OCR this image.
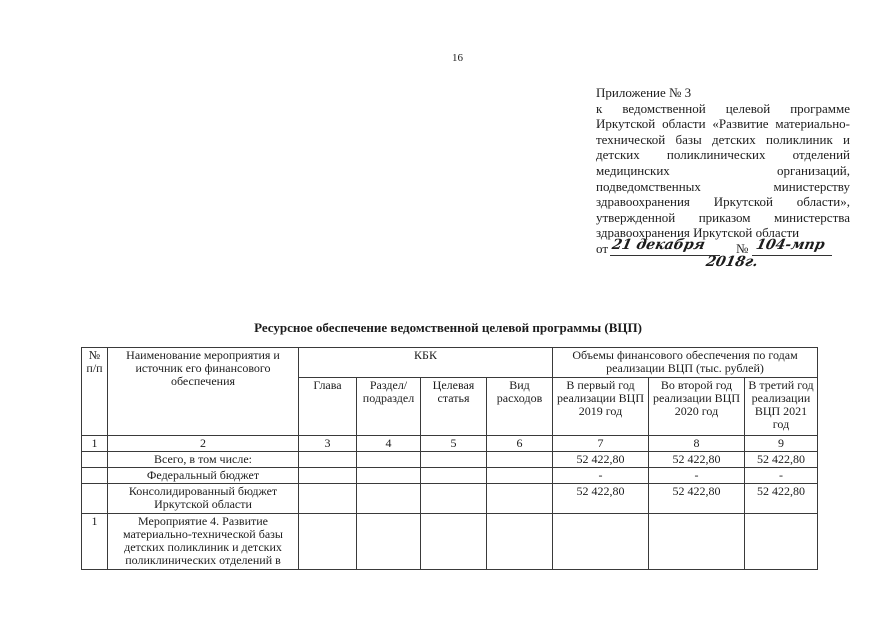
16
Приложение № 3
к ведомственной целевой программе Иркутской области «Развитие материально-технической базы детских поликлиник и детских поликлинических отделений медицинских организаций, подведомственных министерству здравоохранения Иркутской области», утвержденной приказом министерства здравоохранения Иркутской области
от 21 декабря № 104-мпр
2018г.
Ресурсное обеспечение ведомственной целевой программы (ВЦП)
№ п/п	Наименование мероприятия и источник его финансового обеспечения	КБК				Объемы финансового обеспечения по годам реализации ВЦП (тыс. рублей)		
		Глава	Раздел/ подраздел	Целевая статья	Вид расходов	В первый год реализации ВЦП 2019 год	Во второй год реализации ВЦП 2020 год	В третий год реализации ВЦП 2021 год
1	2	3	4	5	6	7	8	9
	Всего, в том числе:					52 422,80	52 422,80	52 422,80
	Федеральный бюджет					-	-	-
	Консолидированный бюджет Иркутской области					52 422,80	52 422,80	52 422,80
1	Мероприятие 4. Развитие материально-технической базы детских поликлиник и детских поликлинических отделений в							
